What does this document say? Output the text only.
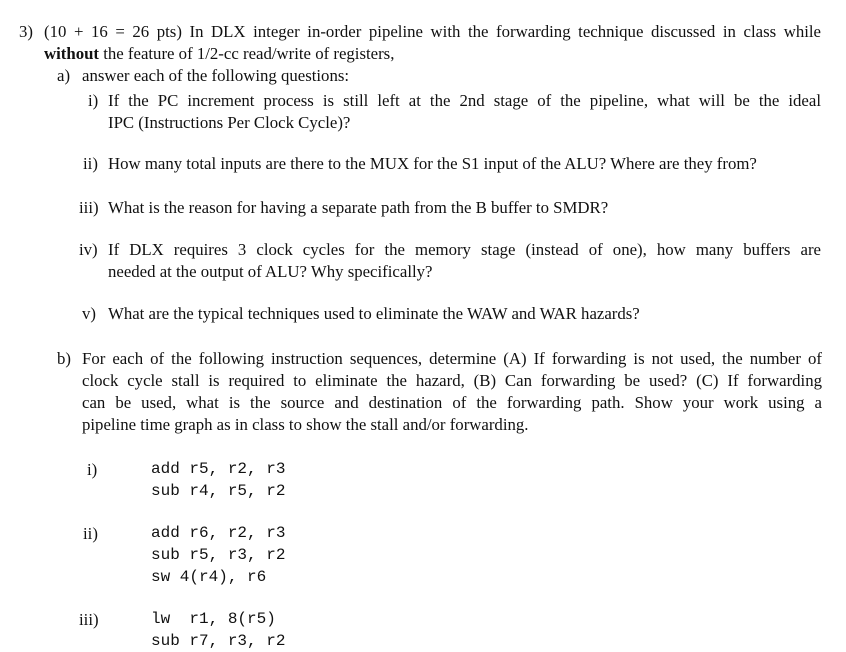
3) (10 + 16 = 26 pts) In DLX integer in-order pipeline with the forwarding technique discussed in class while
without the feature of 1/2-cc read/write of registers,
a) answer each of the following questions:
i) If the PC increment process is still left at the 2nd stage of the pipeline, what will be the ideal
IPC (Instructions Per Clock Cycle)?
ii) How many total inputs are there to the MUX for the S1 input of the ALU? Where are they from?
iii) What is the reason for having a separate path from the B buffer to SMDR?
iv) If DLX requires 3 clock cycles for the memory stage (instead of one), how many buffers are
needed at the output of ALU? Why specifically?
v) What are the typical techniques used to eliminate the WAW and WAR hazards?
b) For each of the following instruction sequences, determine (A) If forwarding is not used, the number of
clock cycle stall is required to eliminate the hazard, (B) Can forwarding be used? (C) If forwarding
can be used, what is the source and destination of the forwarding path. Show your work using a
pipeline time graph as in class to show the stall and/or forwarding.
i)	add r5, r2, r3
sub r4, r5, r2
ii)	add r6, r2, r3
sub r5, r3, r2
sw 4(r4), r6
iii)	lw  r1, 8(r5)
sub r7, r3, r2
